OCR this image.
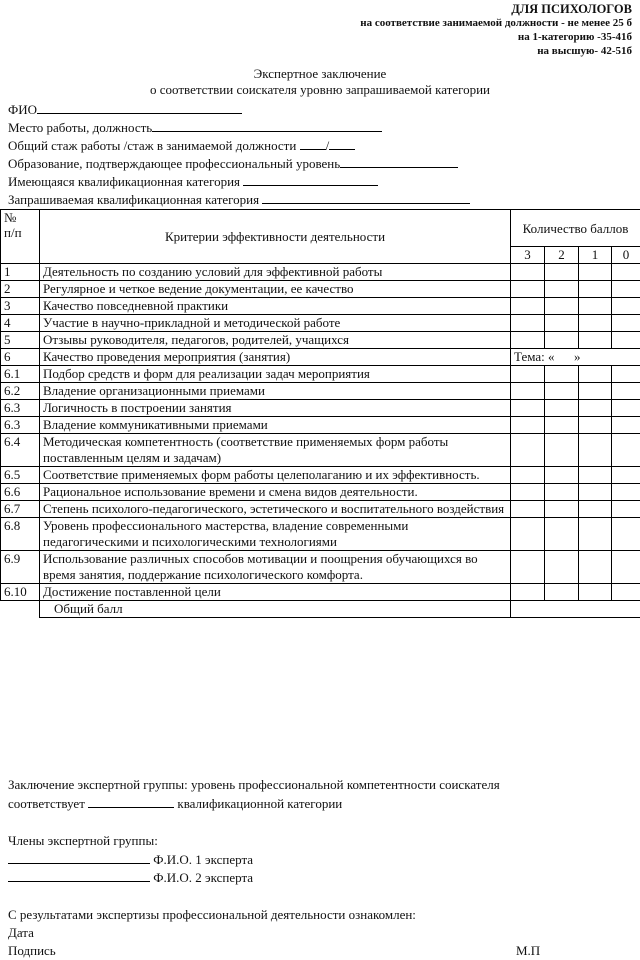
ДЛЯ ПСИХОЛОГОВ
на соответствие занимаемой должности - не менее 25 б
на 1-категорию -35-41б
на высшую- 42-51б
Экспертное заключение
о соответствии соискателя уровню запрашиваемой категории
ФИО
Место работы, должность
Общий стаж работы /стаж в занимаемой должности /
Образование, подтверждающее профессиональный уровень
Имеющаяся квалификационная категория
Запрашиваемая квалификационная категория
№
п/п	Критерии эффективности деятельности	Количество баллов			
		3	2	1	0
1	Деятельность по созданию условий для эффективной работы				
2	Регулярное и четкое ведение документации, ее качество				
3	Качество повседневной практики				
4	Участие в научно-прикладной и методической работе				
5	Отзывы руководителя, педагогов, родителей, учащихся				
6	Качество проведения мероприятия (занятия)	Тема: «      »			
6.1	Подбор средств и форм для реализации задач мероприятия				
6.2	Владение организационными приемами				
6.3	Логичность в построении занятия				
6.3	Владение коммуникативными приемами				
6.4	Методическая компетентность (соответствие применяемых форм работы поставленным целям и задачам)				
6.5	Соответствие применяемых форм работы целеполаганию и их эффективность.				
6.6	Рациональное использование времени и смена видов деятельности.				
6.7	Степень психолого-педагогического, эстетического и воспитательного воздействия				
6.8	Уровень профессионального мастерства, владение современными педагогическими и психологическими технологиями				
6.9	Использование различных способов мотивации и поощрения обучающихся во время занятия, поддержание психологического комфорта.				
6.10	Достижение поставленной цели				
	Общий балл				
Заключение экспертной группы: уровень профессиональной компетентности соискателя
соответствует	квалификационной категории
Члены экспертной группы:
Ф.И.О. 1 эксперта
Ф.И.О. 2 эксперта
С результатами экспертизы профессиональной деятельности ознакомлен:
Дата
Подпись	М.П
